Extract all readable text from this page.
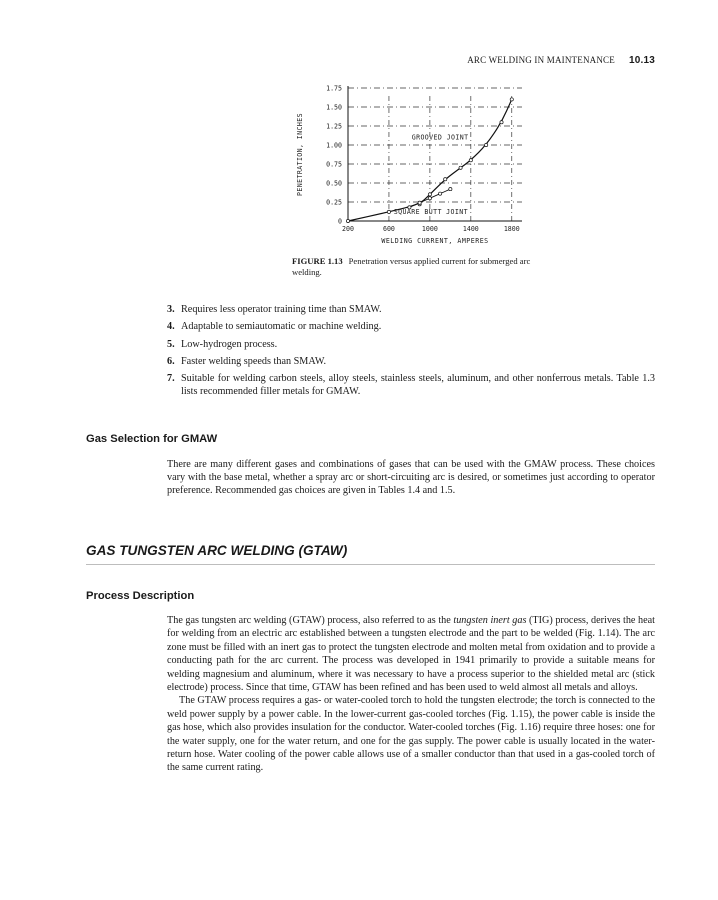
ARC WELDING IN MAINTENANCE 10.13
0
0.25
0.50
0.75
1.00
1.25
1.50
1.75
200	600	1000	1400	1800
GROOVED JOINT
SQUARE BUTT JOINT
WELDING CURRENT, AMPERES
PENETRATION, INCHES
FIGURE 1.13 Penetration versus applied current for submerged arc welding.
3. Requires less operator training time than SMAW.
4. Adaptable to semiautomatic or machine welding.
5. Low-hydrogen process.
6. Faster welding speeds than SMAW.
7. Suitable for welding carbon steels, alloy steels, stainless steels, aluminum, and other nonferrous metals. Table 1.3 lists recommended filler metals for GMAW.
Gas Selection for GMAW

There are many different gases and combinations of gases that can be used with the GMAW process. These choices vary with the base metal, whether a spray arc or short-circuiting arc is desired, or sometimes just according to operator preference. Recommended gas choices are given in Tables 1.4 and 1.5.

GAS TUNGSTEN ARC WELDING (GTAW)
Process Description

The gas tungsten arc welding (GTAW) process, also referred to as the tungsten inert gas (TIG) process, derives the heat for welding from an electric arc established between a tungsten electrode and the part to be welded (Fig. 1.14). The arc zone must be filled with an inert gas to protect the tungsten electrode and molten metal from oxidation and to provide a conducting path for the arc current. The process was developed in 1941 primarily to provide a suitable means for welding magnesium and aluminum, where it was necessary to have a process superior to the shielded metal arc (stick electrode) process. Since that time, GTAW has been refined and has been used to weld almost all metals and alloys.

The GTAW process requires a gas- or water-cooled torch to hold the tungsten electrode; the torch is connected to the weld power supply by a power cable. In the lower-current gas-cooled torches (Fig. 1.15), the power cable is inside the gas hose, which also provides insulation for the conductor. Water-cooled torches (Fig. 1.16) require three hoses: one for the water supply, one for the water return, and one for the gas supply. The power cable is usually located in the water-return hose. Water cooling of the power cable allows use of a smaller conductor than that used in a gas-cooled torch of the same current rating.
